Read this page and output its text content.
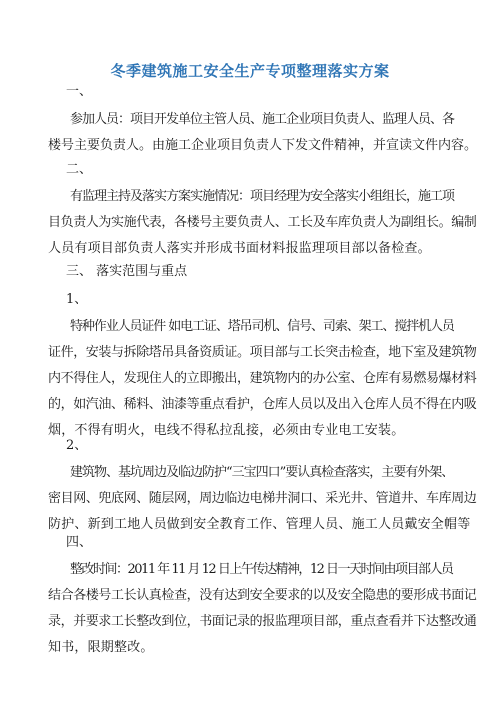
冬季建筑施工安全生产专项整理落实方案
一、
参加人员：项目开发单位主管人员、施工企业项目负责人、监理人员、各
楼号主要负责人。由施工企业项目负责人下发文件精神，并宣读文件内容。
二、
有监理主持及落实方案实施情况：项目经理为安全落实小组组长，施工项
目负责人为实施代表，各楼号主要负责人、工长及车库负责人为副组长。编制
人员有项目部负责人落实并形成书面材料报监理项目部以备检查。
三、 落实范围与重点
1、
特种作业人员证件 如电工证、塔吊司机、信号、司索、架工、搅拌机人员
证件，安装与拆除塔吊具备资质证。项目部与工长突击检查，地下室及建筑物
内不得住人，发现住人的立即搬出，建筑物内的办公室、仓库有易燃易爆材料
的，如汽油、稀料、油漆等重点看护，仓库人员以及出入仓库人员不得在内吸
烟，不得有明火，电线不得私拉乱接，必须由专业电工安装。
2、
建筑物、基坑周边及临边防护“三宝四口”要认真检查落实，主要有外架、
密目网、兜底网、随层网，周边临边电梯井洞口、采光井、管道井、车库周边
防护、新到工地人员做到安全教育工作、管理人员、施工人员戴安全帽等
四、
整改时间：2011 年 11 月 12 日上午传达精神，12 日一天时间由项目部人员
结合各楼号工长认真检查，没有达到安全要求的以及安全隐患的要形成书面记
录，并要求工长整改到位，书面记录的报监理项目部，重点查看并下达整改通
知书，限期整改。
